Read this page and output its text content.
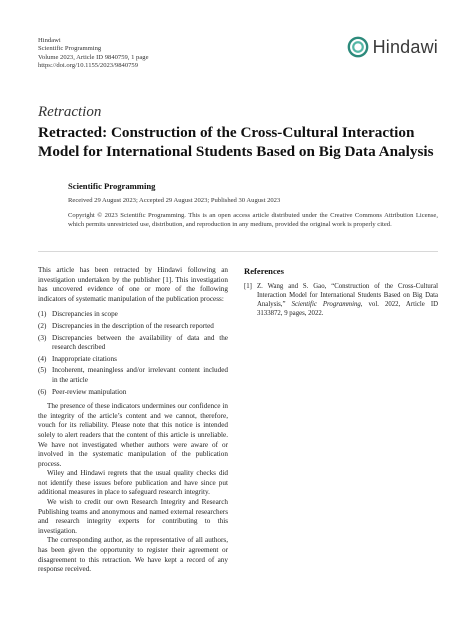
Hindawi
Scientific Programming
Volume 2023, Article ID 9840759, 1 page
https://doi.org/10.1155/2023/9840759
Hindawi
Retraction
Retracted: Construction of the Cross-Cultural Interaction Model for International Students Based on Big Data Analysis
Scientific Programming
Received 29 August 2023; Accepted 29 August 2023; Published 30 August 2023
Copyright © 2023 Scientific Programming. This is an open access article distributed under the Creative Commons Attribution License, which permits unrestricted use, distribution, and reproduction in any medium, provided the original work is properly cited.

This article has been retracted by Hindawi following an investigation undertaken by the publisher [1]. This investigation has uncovered evidence of one or more of the following indicators of systematic manipulation of the publication process:

(1) Discrepancies in scope
(2) Discrepancies in the description of the research reported
(3) Discrepancies between the availability of data and the research described
(4) Inappropriate citations
(5) Incoherent, meaningless and/or irrelevant content included in the article
(6) Peer-review manipulation

The presence of these indicators undermines our confidence in the integrity of the article’s content and we cannot, therefore, vouch for its reliability. Please note that this notice is intended solely to alert readers that the content of this article is unreliable. We have not investigated whether authors were aware of or involved in the systematic manipulation of the publication process.

Wiley and Hindawi regrets that the usual quality checks did not identify these issues before publication and have since put additional measures in place to safeguard research integrity.

We wish to credit our own Research Integrity and Research Publishing teams and anonymous and named external researchers and research integrity experts for contributing to this investigation.

The corresponding author, as the representative of all authors, has been given the opportunity to register their agreement or disagreement to this retraction. We have kept a record of any response received.

References
[1] Z. Wang and S. Gao, “Construction of the Cross-Cultural Interaction Model for International Students Based on Big Data Analysis,” Scientific Programming, vol. 2022, Article ID 3133872, 9 pages, 2022.
